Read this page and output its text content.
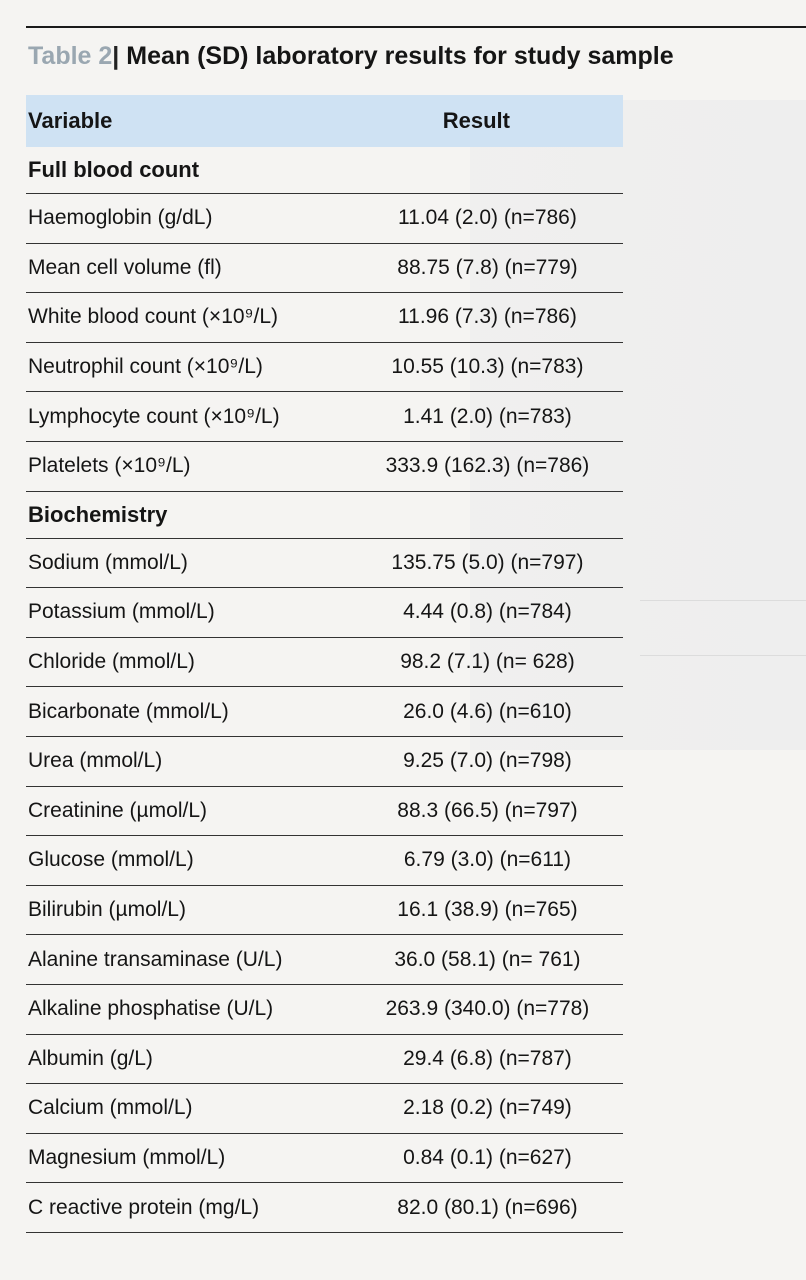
Table 2| Mean (SD) laboratory results for study sample
Variable	Result
Full blood count
Haemoglobin (g/dL)	11.04 (2.0) (n=786)
Mean cell volume (fl)	88.75 (7.8) (n=779)
White blood count (×10⁹/L)	11.96 (7.3) (n=786)
Neutrophil count (×10⁹/L)	10.55 (10.3) (n=783)
Lymphocyte count (×10⁹/L)	1.41 (2.0) (n=783)
Platelets (×10⁹/L)	333.9 (162.3) (n=786)
Biochemistry
Sodium (mmol/L)	135.75 (5.0) (n=797)
Potassium (mmol/L)	4.44 (0.8) (n=784)
Chloride (mmol/L)	98.2 (7.1) (n= 628)
Bicarbonate (mmol/L)	26.0 (4.6) (n=610)
Urea (mmol/L)	9.25 (7.0) (n=798)
Creatinine (µmol/L)	88.3 (66.5) (n=797)
Glucose (mmol/L)	6.79 (3.0) (n=611)
Bilirubin (µmol/L)	16.1 (38.9) (n=765)
Alanine transaminase (U/L)	36.0 (58.1) (n= 761)
Alkaline phosphatise (U/L)	263.9 (340.0) (n=778)
Albumin (g/L)	29.4 (6.8) (n=787)
Calcium (mmol/L)	2.18 (0.2) (n=749)
Magnesium (mmol/L)	0.84 (0.1) (n=627)
C reactive protein (mg/L)	82.0 (80.1) (n=696)
